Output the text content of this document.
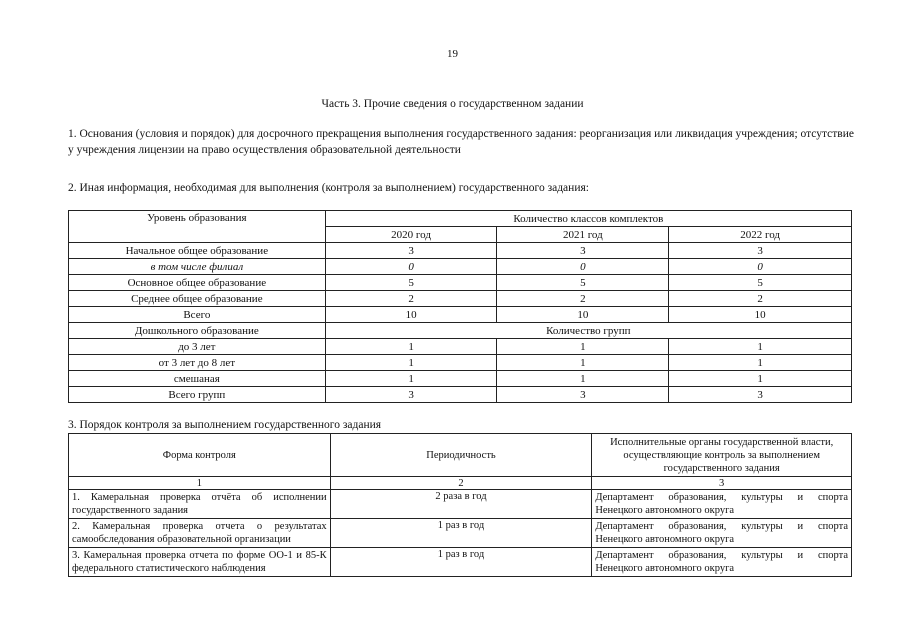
19
Часть 3. Прочие сведения о государственном задании
1. Основания (условия и порядок) для досрочного прекращения выполнения государственного задания: реорганизация или ликвидация учреждения; отсутствие у учреждения лицензии на право осуществления образовательной деятельности
2. Иная информация, необходимая для выполнения (контроля за выполнением) государственного задания:
Уровень образования	Количество классов комплектов		
	2020 год	2021 год	2022 год
Начальное общее образование	3	3	3
в том числе филиал	0	0	0
Основное общее образование	5	5	5
Среднее общее образование	2	2	2
Всего	10	10	10
Дошкольного образование	Количество групп		
до 3 лет	1	1	1
от 3 лет до 8 лет	1	1	1
смешаная	1	1	1
Всего групп	3	3	3
3. Порядок контроля за выполнением государственного задания
Форма контроля	Периодичность	Исполнительные органы государственной власти, осуществляющие контроль за выполнением государственного задания
1	2	3
1. Камеральная проверка отчёта об исполнении государственного задания	2 раза в год	Департамент образования, культуры и спорта Ненецкого автономного округа
2. Камеральная проверка отчета о результатах самообследования образовательной организации	1 раз в год	Департамент образования, культуры и спорта Ненецкого автономного округа
3. Камеральная проверка отчета по форме ОО-1 и 85-К федерального статистического наблюдения	1 раз в год	Департамент образования, культуры и спорта Ненецкого автономного округа
